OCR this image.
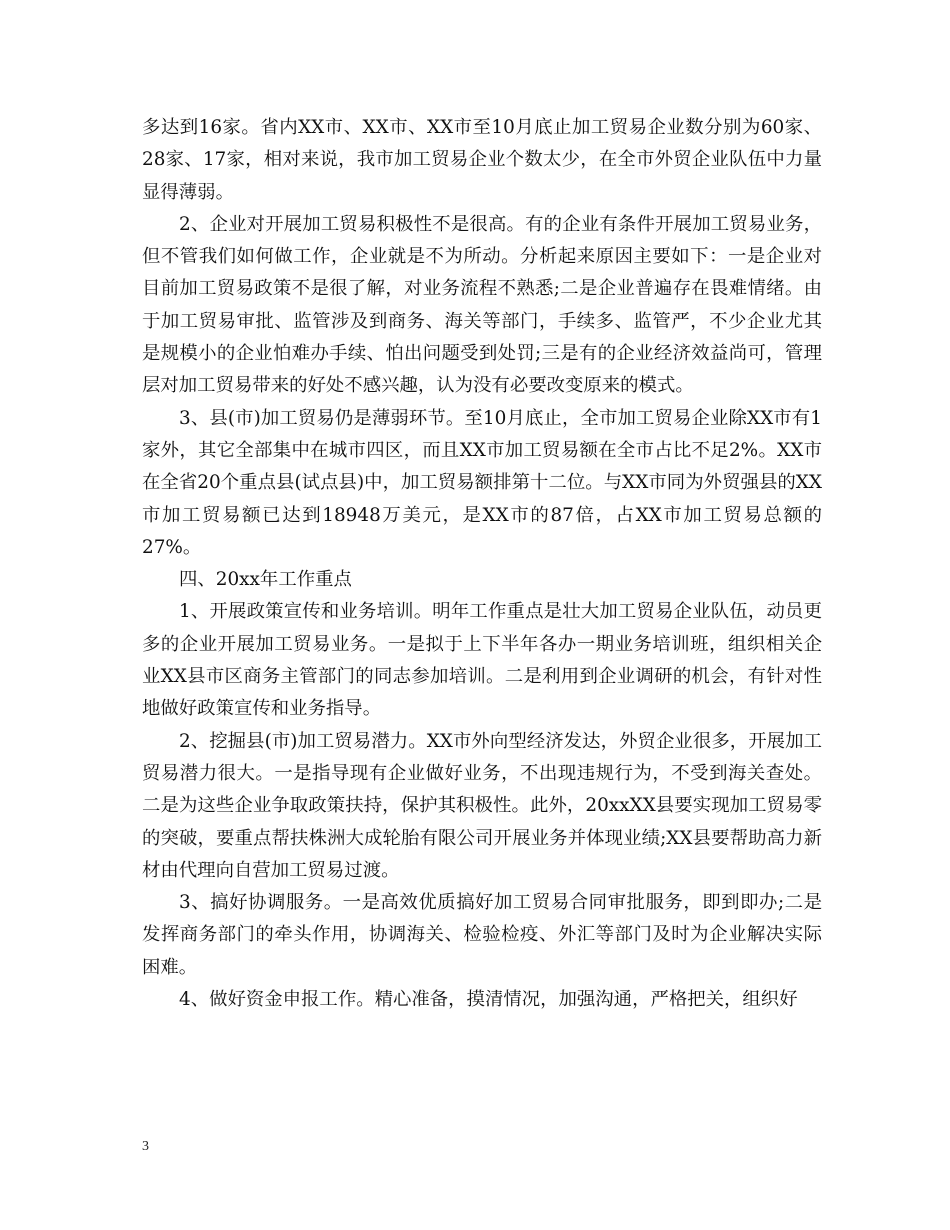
多达到16家。省内XX市、XX市、XX市至10月底止加工贸易企业数分别为60家、28家、17家，相对来说，我市加工贸易企业个数太少，在全市外贸企业队伍中力量显得薄弱。

2、企业对开展加工贸易积极性不是很高。有的企业有条件开展加工贸易业务，但不管我们如何做工作，企业就是不为所动。分析起来原因主要如下：一是企业对目前加工贸易政策不是很了解，对业务流程不熟悉;二是企业普遍存在畏难情绪。由于加工贸易审批、监管涉及到商务、海关等部门，手续多、监管严，不少企业尤其是规模小的企业怕难办手续、怕出问题受到处罚;三是有的企业经济效益尚可，管理层对加工贸易带来的好处不感兴趣，认为没有必要改变原来的模式。

3、县(市)加工贸易仍是薄弱环节。至10月底止，全市加工贸易企业除XX市有1家外，其它全部集中在城市四区，而且XX市加工贸易额在全市占比不足2%。XX市在全省20个重点县(试点县)中，加工贸易额排第十二位。与XX市同为外贸强县的XX市加工贸易额已达到18948万美元，是XX市的87倍，占XX市加工贸易总额的27%。

四、20xx年工作重点

1、开展政策宣传和业务培训。明年工作重点是壮大加工贸易企业队伍，动员更多的企业开展加工贸易业务。一是拟于上下半年各办一期业务培训班，组织相关企业XX县市区商务主管部门的同志参加培训。二是利用到企业调研的机会，有针对性地做好政策宣传和业务指导。

2、挖掘县(市)加工贸易潜力。XX市外向型经济发达，外贸企业很多，开展加工贸易潜力很大。一是指导现有企业做好业务，不出现违规行为，不受到海关查处。二是为这些企业争取政策扶持，保护其积极性。此外，20xxXX县要实现加工贸易零的突破，要重点帮扶株洲大成轮胎有限公司开展业务并体现业绩;XX县要帮助高力新材由代理向自营加工贸易过渡。

3、搞好协调服务。一是高效优质搞好加工贸易合同审批服务，即到即办;二是发挥商务部门的牵头作用，协调海关、检验检疫、外汇等部门及时为企业解决实际困难。

4、做好资金申报工作。精心准备，摸清情况，加强沟通，严格把关，组织好

3
